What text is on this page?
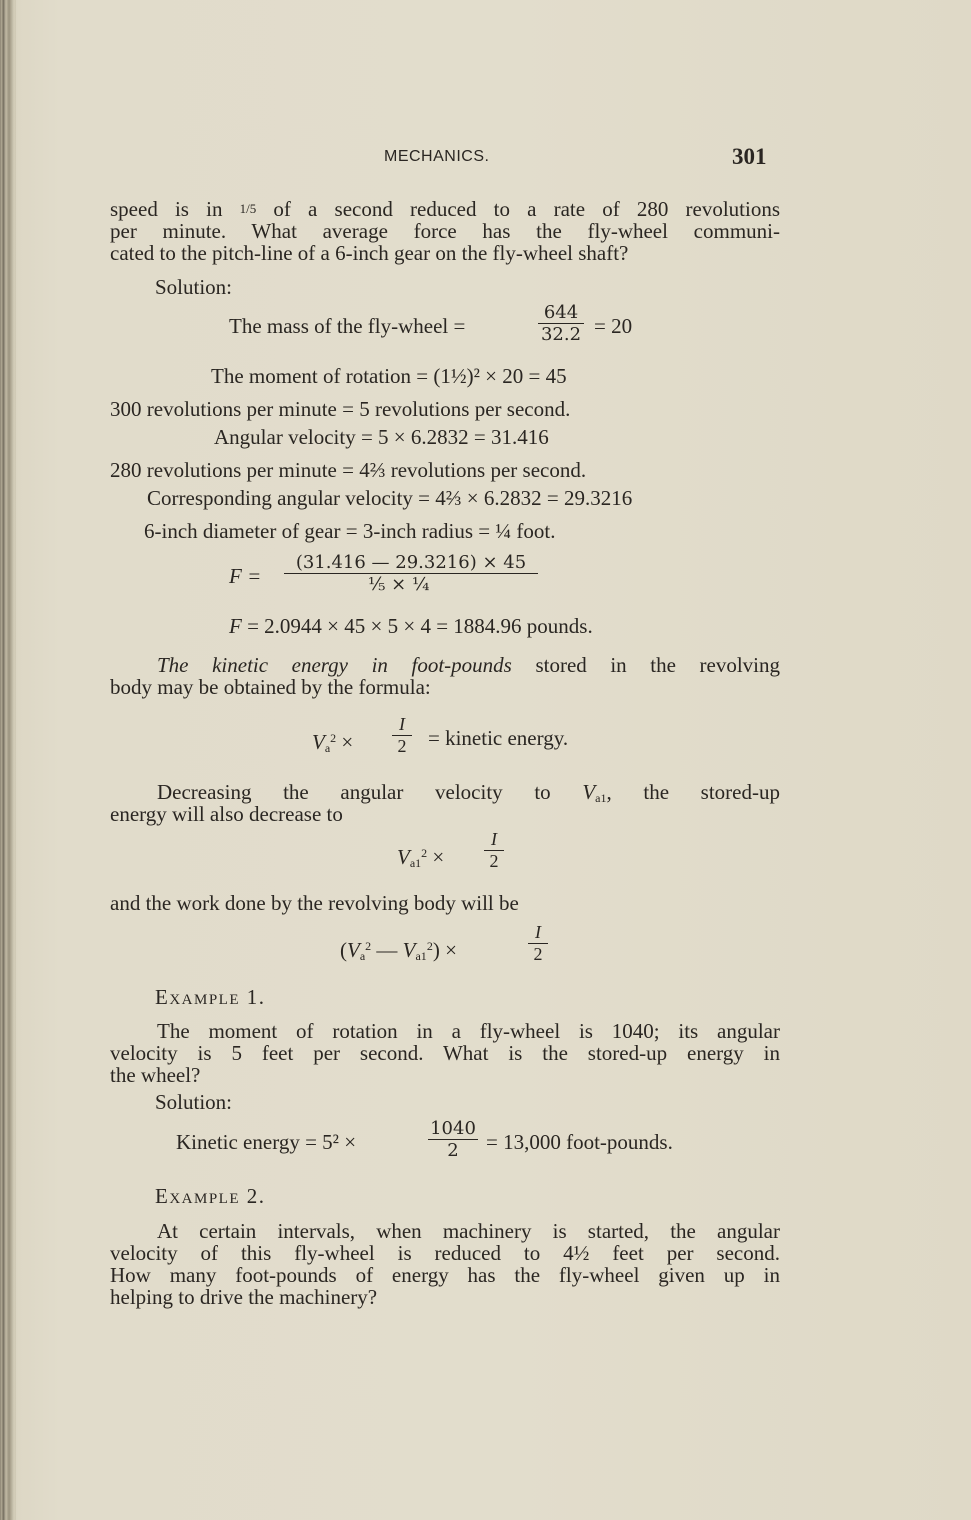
MECHANICS.	301
speed is in 1/5 of a second reduced to a rate of 280 revolutions
per minute. What average force has the fly-wheel communi-
cated to the pitch-line of a 6-inch gear on the fly-wheel shaft?
Solution:
The mass of the fly-wheel =
644
32.2 = 20
The moment of rotation = (1½)² × 20 = 45
300 revolutions per minute = 5 revolutions per second.
Angular velocity = 5 × 6.2832 = 31.416
280 revolutions per minute = 4⅔ revolutions per second.
Corresponding angular velocity = 4⅔ × 6.2832 = 29.3216
6-inch diameter of gear = 3-inch radius = ¼ foot.
F =
(31.416 — 29.3216) × 45
⅕ × ¼
F = 2.0944 × 45 × 5 × 4 = 1884.96 pounds.
The kinetic energy in foot-pounds stored in the revolving
body may be obtained by the formula:
$V_a^2$ ×
I
2 = kinetic energy.
Decreasing the angular velocity to $V_{a1}$, the stored-up
energy will also decrease to
$V_{a1}^2$ ×
I
2
and the work done by the revolving body will be
($V_a^2$ — $V_{a1}^2$) ×
I
2
Example 1.
The moment of rotation in a fly-wheel is 1040; its angular
velocity is 5 feet per second. What is the stored-up energy in
the wheel?
Solution:
Kinetic energy = 5² ×
1040
2	= 13,000 foot-pounds.
Example 2.
At certain intervals, when machinery is started, the angular
velocity of this fly-wheel is reduced to 4½ feet per second.
How many foot-pounds of energy has the fly-wheel given up in
helping to drive the machinery?
